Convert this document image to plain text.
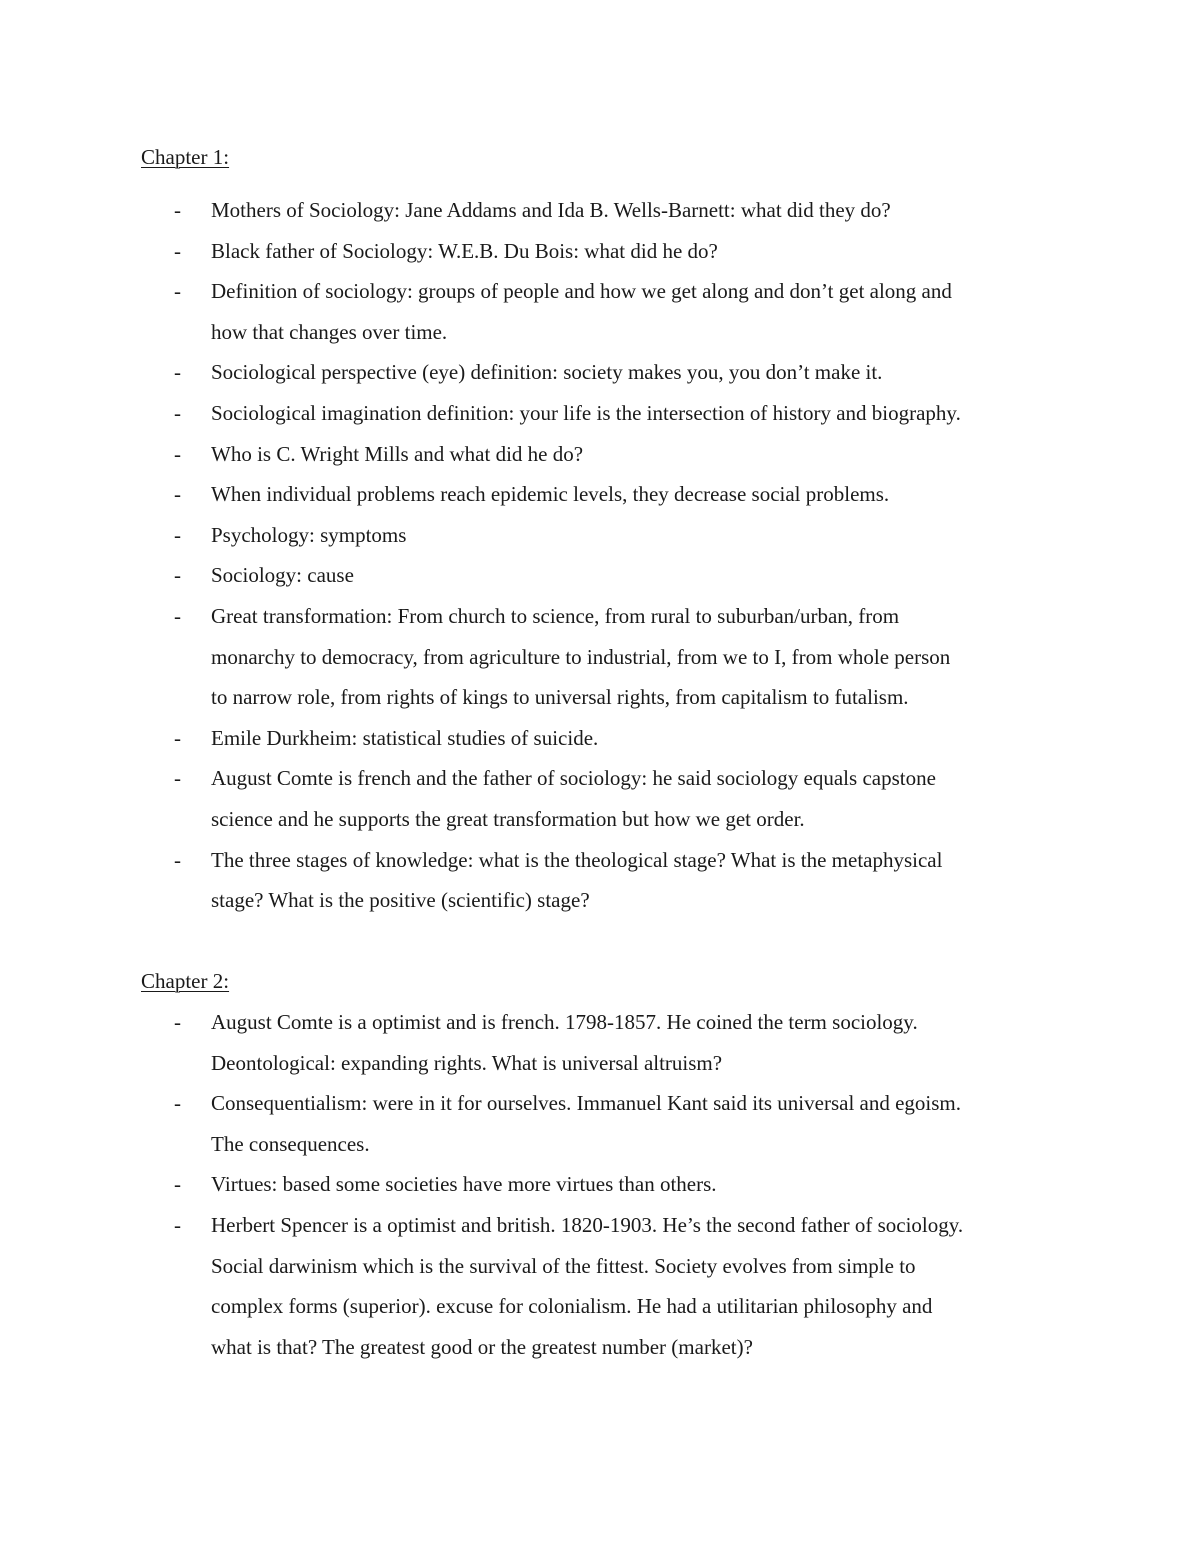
Chapter 1:
-	Mothers of Sociology: Jane Addams and Ida B. Wells-Barnett: what did they do?
-	Black father of Sociology: W.E.B. Du Bois: what did he do?
-	Definition of sociology: groups of people and how we get along and don’t get along and
how that changes over time.
-	Sociological perspective (eye) definition: society makes you, you don’t make it.
-	Sociological imagination definition: your life is the intersection of history and biography.
-	Who is C. Wright Mills and what did he do?
-	When individual problems reach epidemic levels, they decrease social problems.
-	Psychology: symptoms
-	Sociology: cause
-	Great transformation: From church to science, from rural to suburban/urban, from
monarchy to democracy, from agriculture to industrial, from we to I, from whole person
to narrow role, from rights of kings to universal rights, from capitalism to futalism.
-	Emile Durkheim: statistical studies of suicide.
-	August Comte is french and the father of sociology: he said sociology equals capstone
science and he supports the great transformation but how we get order.
-	The three stages of knowledge: what is the theological stage? What is the metaphysical
stage? What is the positive (scientific) stage?
Chapter 2:
-	August Comte is a optimist and is french. 1798-1857. He coined the term sociology.
Deontological: expanding rights. What is universal altruism?
-	Consequentialism: were in it for ourselves. Immanuel Kant said its universal and egoism.
The consequences.
-	Virtues: based some societies have more virtues than others.
-	Herbert Spencer is a optimist and british. 1820-1903. He’s the second father of sociology.
Social darwinism which is the survival of the fittest. Society evolves from simple to
complex forms (superior). excuse for colonialism. He had a utilitarian philosophy and
what is that? The greatest good or the greatest number (market)?
